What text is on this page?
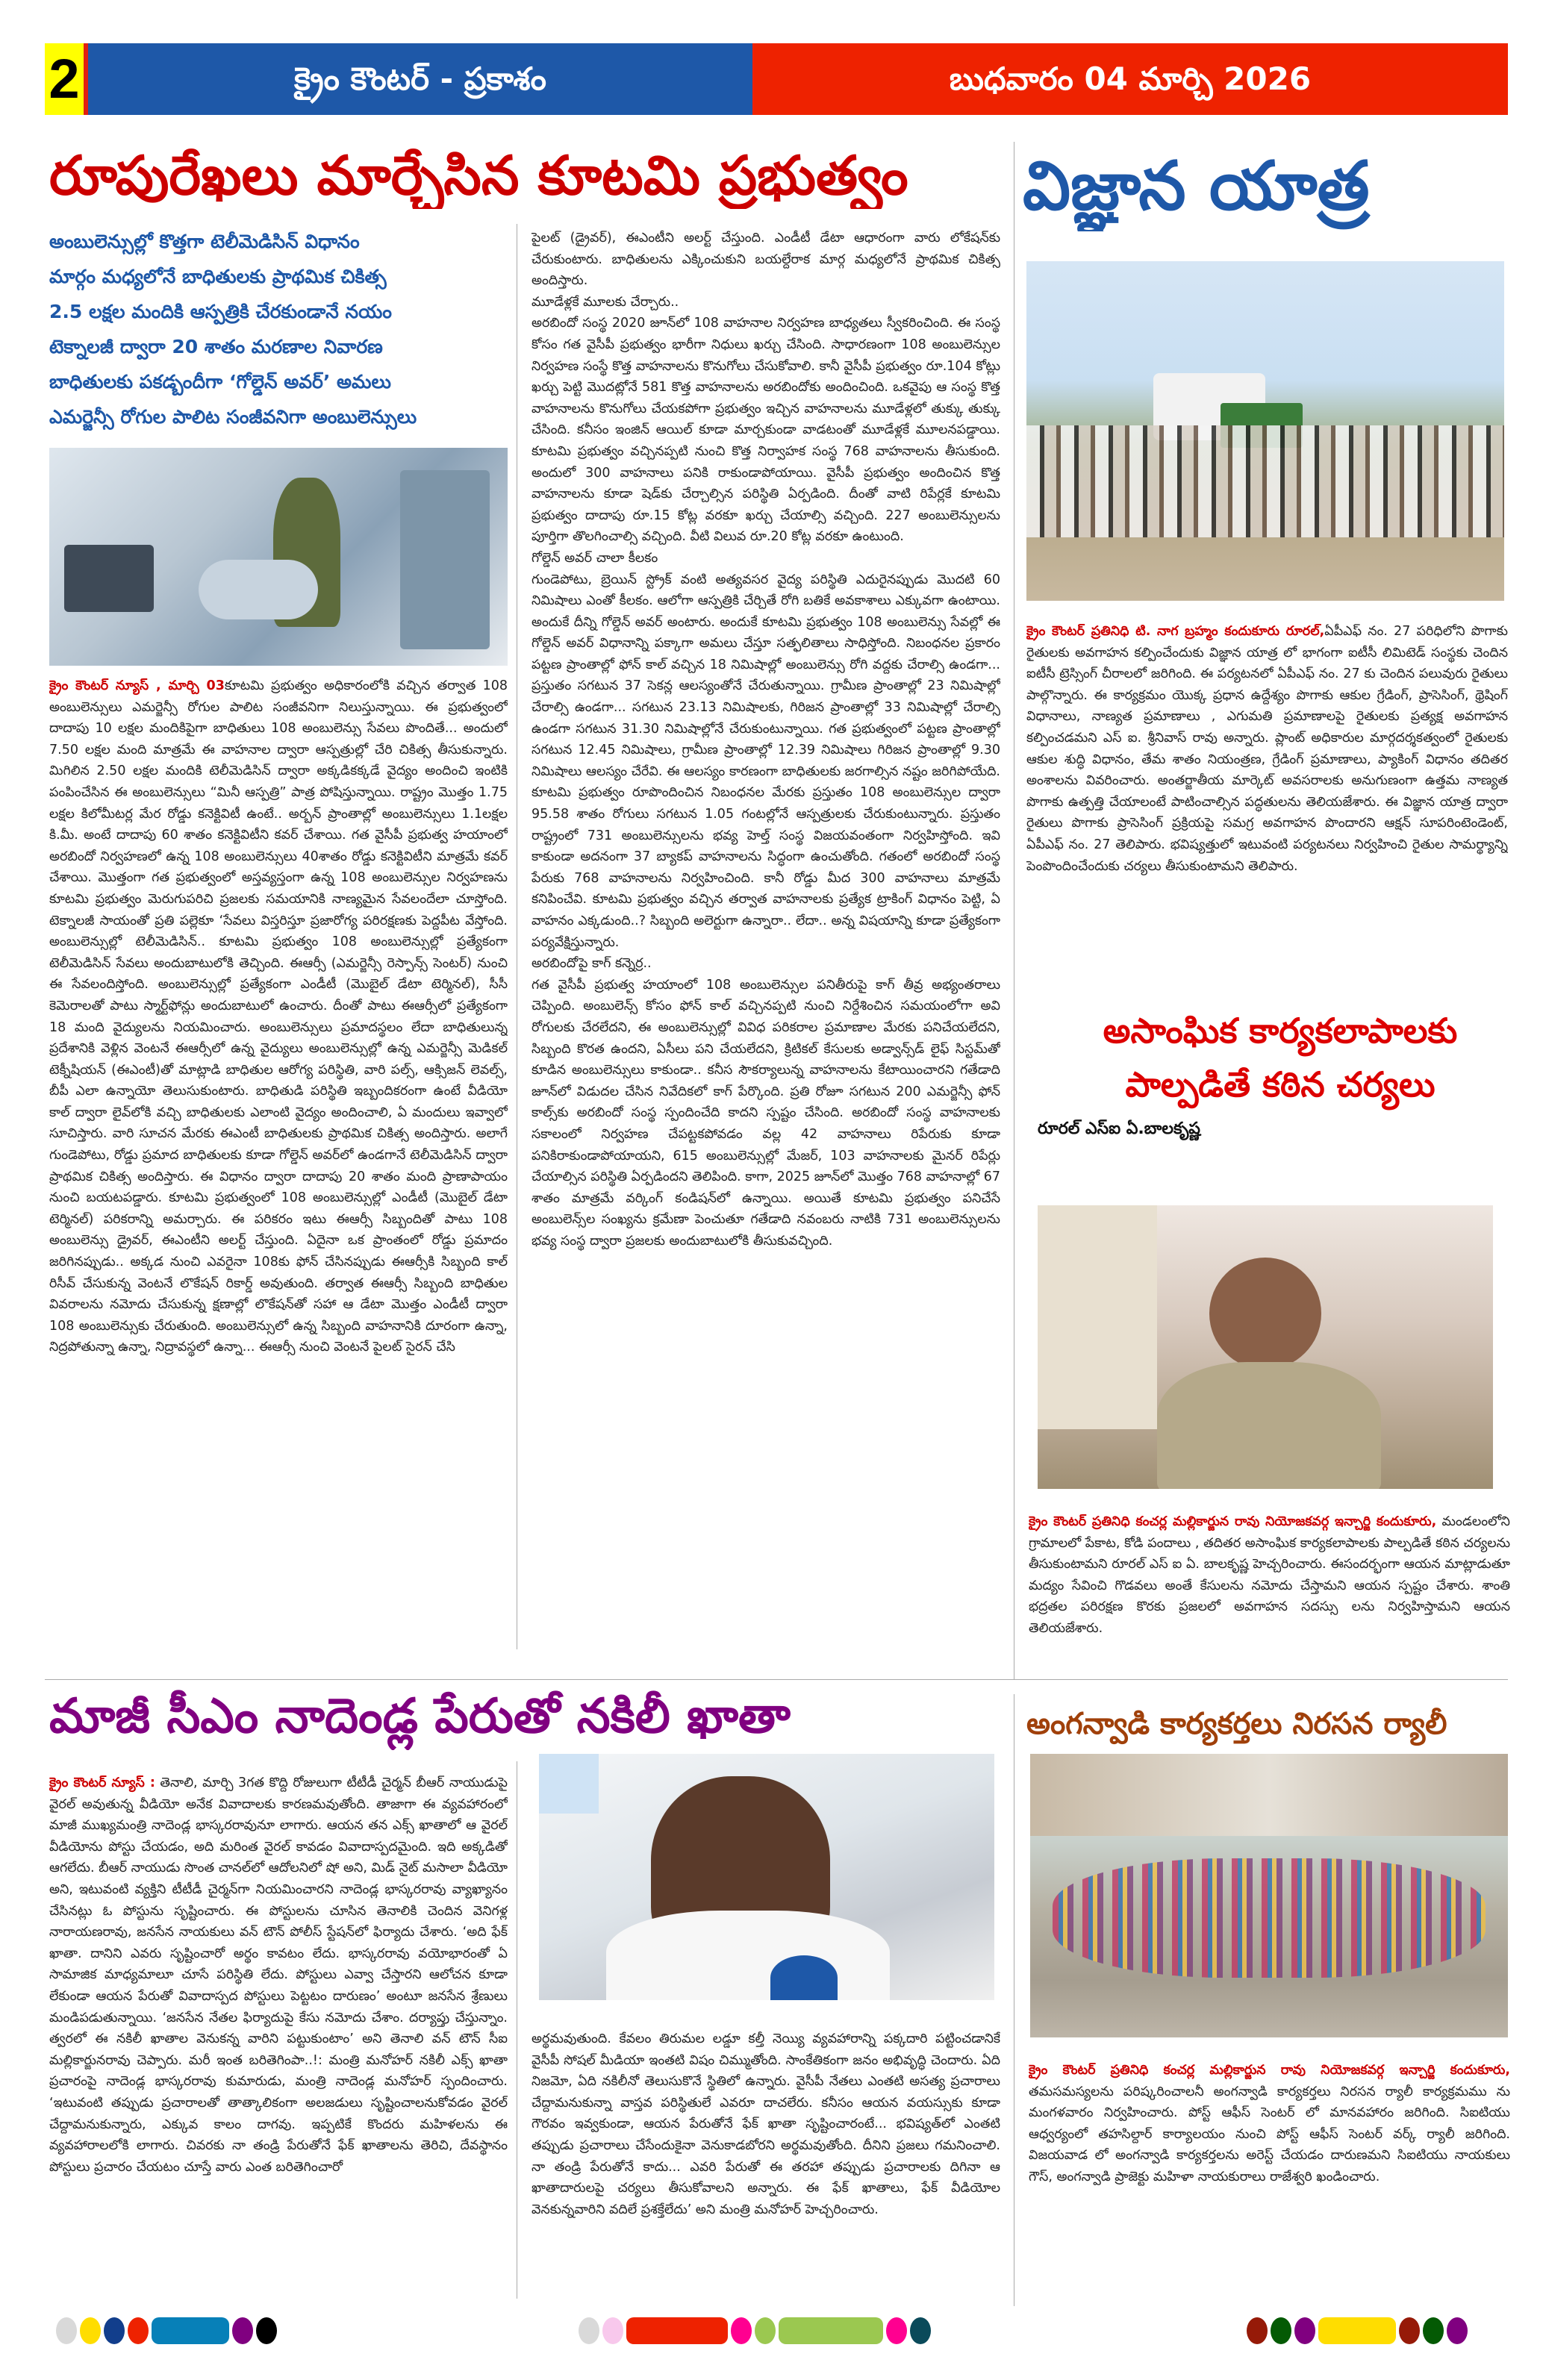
2	క్రైం కౌంటర్ - ప్రకాశం	బుధవారం 04 మార్చి 2026
రూపురేఖలు మార్చేసిన కూటమి ప్రభుత్వం	విజ్ఞాన యాత్ర
అంబులెన్సుల్లో కొత్తగా టెలీమెడిసిన్ విధానం
మార్గం మధ్యలోనే బాధితులకు ప్రాథమిక చికిత్స
2.5 లక్షల మందికి ఆస్పత్రికి చేరకుండానే నయం
టెక్నాలజీ ద్వారా 20 శాతం మరణాల నివారణ
బాధితులకు పకడ్బందీగా ‘గోల్డెన్ అవర్’ అమలు
ఎమర్జెన్సీ రోగుల పాలిట సంజీవనిగా అంబులెన్సులు

క్రైం కౌంటర్ న్యూస్ , మార్చి 03కూటమి ప్రభుత్వం అధికారంలోకి వచ్చిన తర్వాత 108 అంబులెన్సులు ఎమర్జెన్సీ రోగుల పాలిట సంజీవనిగా నిలుస్తున్నాయి. ఈ ప్రభుత్వంలో దాదాపు 10 లక్షల మందికిపైగా బాధితులు 108 అంబులెన్సు సేవలు పొందితే... అందులో 7.50 లక్షల మంది మాత్రమే ఈ వాహనాల ద్వారా ఆస్పత్రుల్లో చేరి చికిత్స తీసుకున్నారు. మిగిలిన 2.50 లక్షల మందికి టెలీమెడిసిన్ ద్వారా అక్కడికక్కడే వైద్యం అందించి ఇంటికి పంపించేసిన ఈ అంబులెన్సులు “మినీ ఆస్పత్రి” పాత్ర పోషిస్తున్నాయి. రాష్ట్రం మొత్తం 1.75 లక్షల కిలోమీటర్ల మేర రోడ్డు కనెక్టివిటీ ఉంటే.. అర్బన్ ప్రాంతాల్లో అంబులెన్సులు 1.1లక్షల కి.మీ. అంటే దాదాపు 60 శాతం కనెక్టివిటీని కవర్ చేశాయి. గత వైసీపీ ప్రభుత్వ హయాంలో అరబిందో నిర్వహణలో ఉన్న 108 అంబులెన్సులు 40శాతం రోడ్డు కనెక్టివిటీని మాత్రమే కవర్ చేశాయి. మొత్తంగా గత ప్రభుత్వంలో అస్తవ్యస్తంగా ఉన్న 108 అంబులెన్సుల నిర్వహణను కూటమి ప్రభుత్వం మెరుగుపరిచి ప్రజలకు సమయానికి నాణ్యమైన సేవలందేలా చూస్తోంది. టెక్నాలజీ సాయంతో ప్రతి పల్లెకూ ‘సేవలు విస్తరిస్తూ ప్రజారోగ్య పరిరక్షణకు పెద్దపీట వేస్తోంది. అంబులెన్సుల్లో టెలీమెడిసిన్.. కూటమి ప్రభుత్వం 108 అంబులెన్సుల్లో ప్రత్యేకంగా టెలీమెడిసిన్ సేవలు అందుబాటులోకి తెచ్చింది. ఈఆర్సీ (ఎమర్జెన్సీ రెస్పాన్స్ సెంటర్) నుంచి ఈ సేవలందిస్తోంది. అంబులెన్సుల్లో ప్రత్యేకంగా ఎండీటీ (మొబైల్ డేటా టెర్మినల్), సీసీ కెమెరాలతో పాటు స్మార్ట్‌ఫోన్లు అందుబాటులో ఉంచారు. దీంతో పాటు ఈఆర్సీలో ప్రత్యేకంగా 18 మంది వైద్యులను నియమించారు. అంబులెన్సులు ప్రమాదస్థలం లేదా బాధితులున్న ప్రదేశానికి వెళ్లిన వెంటనే ఈఆర్సీలో ఉన్న వైద్యులు అంబులెన్సుల్లో ఉన్న ఎమర్జెన్సీ మెడికల్ టెక్నీషియన్ (ఈఎంటీ)తో మాట్లాడి బాధితుల ఆరోగ్య పరిస్థితి, వారి పల్స్, ఆక్సిజన్ లెవల్స్, బీపీ ఎలా ఉన్నాయో తెలుసుకుంటారు. బాధితుడి పరిస్థితి ఇబ్బందికరంగా ఉంటే వీడియో కాల్ ద్వారా లైవ్‌లోకి వచ్చి బాధితులకు ఎలాంటి వైద్యం అందించాలి, ఏ మందులు ఇవ్వాలో సూచిస్తారు. వారి సూచన మేరకు ఈఎంటీ బాధితులకు ప్రాథమిక చికిత్స అందిస్తారు. అలాగే గుండెపోటు, రోడ్డు ప్రమాద బాధితులకు కూడా గోల్డెన్ అవర్‌లో ఉండగానే టెలీమెడిసిన్ ద్వారా ప్రాథమిక చికిత్స అందిస్తారు. ఈ విధానం ద్వారా దాదాపు 20 శాతం మంది ప్రాణాపాయం నుంచి బయటపడ్డారు. కూటమి ప్రభుత్వంలో 108 అంబులెన్సుల్లో ఎండీటీ (మొబైల్ డేటా టెర్మినల్) పరికరాన్ని అమర్చారు. ఈ పరికరం ఇటు ఈఆర్సీ సిబ్బందితో పాటు 108 అంబులెన్సు డ్రైవర్, ఈఎంటీని అలర్ట్ చేస్తుంది. ఏదైనా ఒక ప్రాంతంలో రోడ్డు ప్రమాదం జరిగినప్పుడు.. అక్కడ నుంచి ఎవరైనా 108కు ఫోన్ చేసినప్పుడు ఈఆర్సీకి సిబ్బంది కాల్ రిసీవ్ చేసుకున్న వెంటనే లొకేషన్ రికార్డ్ అవుతుంది. తర్వాత ఈఆర్సీ సిబ్బంది బాధితుల వివరాలను నమోదు చేసుకున్న క్షణాల్లో లొకేషన్‌తో సహా ఆ డేటా మొత్తం ఎండీటీ ద్వారా 108 అంబులెన్సుకు చేరుతుంది. అంబులెన్సులో ఉన్న సిబ్బంది వాహనానికి దూరంగా ఉన్నా, నిద్రపోతున్నా ఉన్నా, నిద్రావస్థలో ఉన్నా... ఈఆర్సీ నుంచి వెంటనే పైలట్ సైరన్ చేసి

పైలట్ (డ్రైవర్), ఈఎంటీని అలర్ట్ చేస్తుంది. ఎండీటీ డేటా ఆధారంగా వారు లోకేషన్‌కు చేరుకుంటారు. బాధితులను ఎక్కించుకుని బయల్దేరాక మార్గ మధ్యలోనే ప్రాథమిక చికిత్స అందిస్తారు.

మూడేళ్లకే మూలకు చేర్చారు..

అరబిందో సంస్థ 2020 జూన్‌లో 108 వాహనాల నిర్వహణ బాధ్యతలు స్వీకరించింది. ఈ సంస్థ కోసం గత వైసీపీ ప్రభుత్వం భారీగా నిధులు ఖర్చు చేసింది. సాధారణంగా 108 అంబులెన్సుల నిర్వహణ సంస్థే కొత్త వాహనాలను కొనుగోలు చేసుకోవాలి. కానీ వైసీపీ ప్రభుత్వం రూ.104 కోట్లు ఖర్చు పెట్టి మొదట్లోనే 581 కొత్త వాహనాలను అరబిందోకు అందించింది. ఒకవైపు ఆ సంస్థ కొత్త వాహనాలను కొనుగోలు చేయకపోగా ప్రభుత్వం ఇచ్చిన వాహనాలను మూడేళ్లలో తుక్కు తుక్కు చేసింది. కనీసం ఇంజిన్ ఆయిల్ కూడా మార్చకుండా వాడటంతో మూడేళ్లకే మూలనపడ్డాయి. కూటమి ప్రభుత్వం వచ్చినప్పటి నుంచి కొత్త నిర్వాహక సంస్థ 768 వాహనాలను తీసుకుంది. అందులో 300 వాహనాలు పనికి రాకుండాపోయాయి. వైసీపీ ప్రభుత్వం అందించిన కొత్త వాహనాలను కూడా షెడ్‌కు చేర్చాల్సిన పరిస్థితి ఏర్పడింది. దీంతో వాటి రిపేర్లకే కూటమి ప్రభుత్వం దాదాపు రూ.15 కోట్ల వరకూ ఖర్చు చేయాల్సి వచ్చింది. 227 అంబులెన్సులను పూర్తిగా తొలగించాల్సి వచ్చింది. వీటి విలువ రూ.20 కోట్ల వరకూ ఉంటుంది.

గోల్డెన్ అవర్ చాలా కీలకం

గుండెపోటు, బ్రెయిన్ స్ట్రోక్ వంటి అత్యవసర వైద్య పరిస్థితి ఎదురైనప్పుడు మొదటి 60 నిమిషాలు ఎంతో కీలకం. ఆలోగా ఆస్పత్రికి చేర్చితే రోగి బతికే అవకాశాలు ఎక్కువగా ఉంటాయి. అందుకే దీన్ని గోల్డెన్ అవర్ అంటారు. అందుకే కూటమి ప్రభుత్వం 108 అంబులెన్సు సేవల్లో ఈ గోల్డెన్ అవర్ విధానాన్ని పక్కాగా అమలు చేస్తూ సత్ఫలితాలు సాధిస్తోంది. నిబంధనల ప్రకారం పట్టణ ప్రాంతాల్లో ఫోన్ కాల్ వచ్చిన 18 నిమిషాల్లో అంబులెన్సు రోగి వద్దకు చేరాల్సి ఉండగా... ప్రస్తుతం సగటున 37 సెకన్ల ఆలస్యంతోనే చేరుతున్నాయి. గ్రామీణ ప్రాంతాల్లో 23 నిమిషాల్లో చేరాల్సి ఉండగా... సగటున 23.13 నిమిషాలకు, గిరిజన ప్రాంతాల్లో 33 నిమిషాల్లో చేరాల్సి ఉండగా సగటున 31.30 నిమిషాల్లోనే చేరుకుంటున్నాయి. గత ప్రభుత్వంలో పట్టణ ప్రాంతాల్లో సగటున 12.45 నిమిషాలు, గ్రామీణ ప్రాంతాల్లో 12.39 నిమిషాలు గిరిజన ప్రాంతాల్లో 9.30 నిమిషాలు ఆలస్యం చేరేవి. ఈ ఆలస్యం కారణంగా బాధితులకు జరగాల్సిన నష్టం జరిగిపోయేది. కూటమి ప్రభుత్వం రూపొందించిన నిబంధనల మేరకు ప్రస్తుతం 108 అంబులెన్సుల ద్వారా 95.58 శాతం రోగులు సగటున 1.05 గంటల్లోనే ఆస్పత్రులకు చేరుకుంటున్నారు. ప్రస్తుతం రాష్ట్రంలో 731 అంబులెన్సులను భవ్య హెల్త్ సంస్థ విజయవంతంగా నిర్వహిస్తోంది. ఇవి కాకుండా అదనంగా 37 బ్యాకప్ వాహనాలను సిద్ధంగా ఉంచుతోంది. గతంలో అరబిందో సంస్థ పేరుకు 768 వాహనాలను నిర్వహించింది. కానీ రోడ్డు మీద 300 వాహనాలు మాత్రమే కనిపించేవి. కూటమి ప్రభుత్వం వచ్చిన తర్వాత వాహనాలకు ప్రత్యేక ట్రాకింగ్ విధానం పెట్టి, ఏ వాహనం ఎక్కడుంది..? సిబ్బంది అలెర్టుగా ఉన్నారా.. లేదా.. అన్న విషయాన్ని కూడా ప్రత్యేకంగా పర్యవేక్షిస్తున్నారు.

అరబిందోపై కాగ్ కన్నెర్ర..

గత వైసీపీ ప్రభుత్వ హయాంలో 108 అంబులెన్సుల పనితీరుపై కాగ్ తీవ్ర అభ్యంతరాలు చెప్పింది. అంబులెన్స్ కోసం ఫోన్ కాల్ వచ్చినప్పటి నుంచి నిర్దేశించిన సమయంలోగా అవి రోగులకు చేరలేదని, ఈ అంబులెన్సుల్లో వివిధ పరికరాల ప్రమాణాల మేరకు పనిచేయలేదని, సిబ్బంది కొరత ఉందని, ఏసీలు పని చేయలేదని, క్రిటికల్ కేసులకు అడ్వాన్స్‌డ్ లైఫ్ సిస్టమ్‌తో కూడిన అంబులెన్సులు కాకుండా.. కనీస సౌకర్యాలున్న వాహనాలను కేటాయించారని గతేడాది జూన్‌లో విడుదల చేసిన నివేదికలో కాగ్ పేర్కొంది. ప్రతి రోజూ సగటున 200 ఎమర్జెన్సీ ఫోన్ కాల్స్‌కు అరబిందో సంస్థ స్పందించేది కాదని స్పష్టం చేసింది. అరబిందో సంస్థ వాహనాలకు సకాలంలో నిర్వహణ చేపట్టకపోవడం వల్ల 42 వాహనాలు రిపేరుకు కూడా పనికిరాకుండాపోయాయని, 615 అంబులెన్సుల్లో మేజర్, 103 వాహనాలకు మైనర్ రిపేర్లు చేయాల్సిన పరిస్థితి ఏర్పడిందని తెలిపింది. కాగా, 2025 జూన్‌లో మొత్తం 768 వాహనాల్లో 67 శాతం మాత్రమే వర్కింగ్ కండిషన్‌లో ఉన్నాయి. అయితే కూటమి ప్రభుత్వం పనిచేసే అంబులెన్స్‌ల సంఖ్యను క్రమేణా పెంచుతూ గతేడాది నవంబరు నాటికి 731 అంబులెన్సులను భవ్య సంస్థ ద్వారా ప్రజలకు అందుబాటులోకి తీసుకువచ్చింది.

క్రైం కౌంటర్ ప్రతినిధి టి. నాగ బ్రహ్మం కందుకూరు రూరల్,ఏపీఎఫ్ నం. 27 పరిధిలోని పొగాకు రైతులకు అవగాహన కల్పించేందుకు విజ్ఞాన యాత్ర లో భాగంగా ఐటీసీ లిమిటెడ్ సంస్థకు చెందిన ఐటీసీ ట్రెస్సింగ్ చీరాలలో జరిగింది. ఈ పర్యటనలో ఏపీఎఫ్ నం. 27 కు చెందిన పలువురు రైతులు పాల్గొన్నారు. ఈ కార్యక్రమం యొక్క ప్రధాన ఉద్దేశ్యం పొగాకు ఆకుల గ్రేడింగ్, ప్రాసెసింగ్, థ్రెషింగ్ విధానాలు, నాణ్యత ప్రమాణాలు , ఎగుమతి ప్రమాణాలపై రైతులకు ప్రత్యక్ష అవగాహన కల్పించడమని ఎస్ ఐ. శ్రీనివాస్ రావు అన్నారు. ప్లాంట్ అధికారుల మార్గదర్శకత్వంలో రైతులకు ఆకుల శుద్ధి విధానం, తేమ శాతం నియంత్రణ, గ్రేడింగ్ ప్రమాణాలు, ప్యాకింగ్ విధానం తదితర అంశాలను వివరించారు. అంతర్జాతీయ మార్కెట్ అవసరాలకు అనుగుణంగా ఉత్తమ నాణ్యత పొగాకు ఉత్పత్తి చేయాలంటే పాటించాల్సిన పద్ధతులను తెలియజేశారు. ఈ విజ్ఞాన యాత్ర ద్వారా రైతులు పొగాకు ప్రాసెసింగ్ ప్రక్రియపై సమగ్ర అవగాహన పొందారని ఆక్షన్ సూపరింటెండెంట్, ఏపీఎఫ్ నం. 27 తెలిపారు. భవిష్యత్తులో ఇటువంటి పర్యటనలు నిర్వహించి రైతుల సామర్థ్యాన్ని పెంపొందించేందుకు చర్యలు తీసుకుంటామని తెలిపారు.

అసాంఘిక కార్యకలాపాలకు పాల్పడితే కఠిన చర్యలు
రూరల్ ఎస్ఐ ఏ.బాలకృష్ణ

క్రైం కౌంటర్ ప్రతినిధి కంచర్ల మల్లికార్జున రావు నియోజకవర్గ ఇన్చార్జి కందుకూరు, మండలంలోని గ్రామాలలో పేకాట, కోడి పందాలు , తదితర అసాంఘిక కార్యకలాపాలకు పాల్పడితే కఠిన చర్యలను తీసుకుంటామని రూరల్ ఎస్ ఐ ఏ. బాలకృష్ణ హెచ్చరించారు. ఈసందర్భంగా ఆయన మాట్లాడుతూ మద్యం సేవించి గొడవలు అంతే కేసులను నమోదు చేస్తామని ఆయన స్పష్టం చేశారు. శాంతి భద్రతల పరిరక్షణ కొరకు ప్రజలలో అవగాహన సదస్సు లను నిర్వహిస్తామని ఆయన తెలియజేశారు.

మాజీ సీఎం నాదెండ్ల పేరుతో నకిలీ ఖాతా	అంగన్వాడి కార్యకర్తలు నిరసన ర్యాలీ

క్రైం కౌంటర్ న్యూస్ : తెనాలి, మార్చి 3గత కొద్ది రోజులుగా టీటీడీ చైర్మన్ బీఆర్ నాయుడుపై వైరల్ అవుతున్న వీడియో అనేక వివాదాలకు కారణమవుతోంది. తాజాగా ఈ వ్యవహారంలో మాజీ ముఖ్యమంత్రి నాదెండ్ల భాస్కరరావునూ లాగారు. ఆయన తన ఎక్స్ ఖాతాలో ఆ వైరల్ వీడియోను పోస్టు చేయడం, అది మరింత వైరల్ కావడం వివాదాస్పదమైంది. ఇది అక్కడితో ఆగలేదు. బీఆర్ నాయుడు సొంత చానల్‌లో ఆదోలనిలో షో అని, మిడ్ నైట్ మసాలా వీడియో అని, ఇటువంటి వ్యక్తిని టీటీడీ చైర్మన్‌గా నియమించారని నాదెండ్ల భాస్కరరావు వ్యాఖ్యానం చేసినట్లు ఓ పోస్టును సృష్టించారు. ఈ పోస్టులను చూసిన తెనాలికి చెందిన వెనిగళ్ల నారాయణరావు, జనసేన నాయకులు వన్ టౌన్ పోలీస్ స్టేషన్‌లో ఫిర్యాదు చేశారు. ‘అది ఫేక్ ఖాతా. దానిని ఎవరు సృష్టించారో అర్థం కావటం లేదు. భాస్కరరావు వయోభారంతో ఏ సామాజిక మాధ్యమాలూ చూసే పరిస్థితి లేదు. పోస్టులు ఎవ్వా చేస్తారని ఆలోచన కూడా లేకుండా ఆయన పేరుతో వివాదాస్పద పోస్టులు పెట్టటం దారుణం’ అంటూ జనసేన శ్రేణులు మండిపడుతున్నాయి. ‘జనసేన నేతల ఫిర్యాదుపై కేసు నమోదు చేశాం. దర్యాప్తు చేస్తున్నాం. త్వరలో ఈ నకిలీ ఖాతాల వెనుకన్న వారిని పట్టుకుంటాం’ అని తెనాలి వన్ టౌన్ సీఐ మల్లికార్జునరావు చెప్పారు. మరీ ఇంత బరితెగింపా..!: మంత్రి మనోహర్ నకిలీ ఎక్స్ ఖాతా ప్రచారంపై నాదెండ్ల భాస్కరరావు కుమారుడు, మంత్రి నాదెండ్ల మనోహర్ స్పందించారు. ‘ఇటువంటి తప్పుడు ప్రచారాలతో తాత్కాలికంగా అలజడులు సృష్టించాలనుకోవడం వైరల్ చేద్దామనుకున్నారు, ఎక్కువ కాలం దాగవు. ఇప్పటికే కొందరు మహిళలను ఈ వ్యవహారాలలోకి లాగారు. చివరకు నా తండ్రి పేరుతోనే ఫేక్ ఖాతాలను తెరిచి, దేవస్థానం పోస్టులు ప్రచారం చేయటం చూస్తే వారు ఎంత బరితెగించారో

అర్థమవుతుంది. కేవలం తిరుమల లడ్డూ కల్తీ నెయ్యి వ్యవహారాన్ని పక్కదారి పట్టించడానికే వైసీపీ సోషల్ మీడియా ఇంతటి విషం చిమ్ముతోంది. సాంకేతికంగా జనం అభివృద్ధి చెందారు. ఏది నిజమో, ఏది నకిలీనో తెలుసుకొనే స్థితిలో ఉన్నారు. వైసీపీ నేతలు ఎంతటి అసత్య ప్రచారాలు చేద్దామనుకున్నా వాస్తవ పరిస్థితులే ఎవరూ దాచలేరు. కనీసం ఆయన వయస్సుకు కూడా గౌరవం ఇవ్వకుండా, ఆయన పేరుతోనే ఫేక్ ఖాతా సృష్టించారంటే... భవిష్యత్‌లో ఎంతటి తప్పుడు ప్రచారాలు చేసేందుకైనా వెనుకాడబోరని అర్థమవుతోంది. దీనిని ప్రజలు గమనించాలి. నా తండ్రి పేరుతోనే కాదు... ఎవరి పేరుతో ఈ తరహా తప్పుడు ప్రచారాలకు దిగినా ఆ ఖాతాదారులపై చర్యలు తీసుకోవాలని అన్నారు. ఈ ఫేక్ ఖాతాలు, ఫేక్ వీడియోల వెనకున్నవారిని వదిలే ప్రశక్తేలేదు’ అని మంత్రి మనోహర్ హెచ్చరించారు.

క్రైం కౌంటర్ ప్రతినిధి కంచర్ల మల్లికార్జున రావు నియోజకవర్గ ఇన్చార్జి కందుకూరు, తమసమస్యలను పరిష్కరించాలనీ అంగన్వాడి కార్యకర్తలు నిరసన ర్యాలీ కార్యక్రమము ను మంగళవారం నిర్వహించారు. పోస్ట్ ఆఫీస్ సెంటర్ లో మానవహారం జరిగింది. సిఐటియు ఆధ్వర్యంలో తహసిల్దార్ కార్యాలయం నుంచి పోస్ట్ ఆఫీస్ సెంటర్ వర్క్ ర్యాలీ జరిగింది. విజయవాడ లో అంగన్వాడి కార్యకర్తలను అరెస్ట్ చేయడం దారుణమని సిఐటియు నాయకులు గౌస్, అంగన్వాడి ప్రాజెక్టు మహిళా నాయకురాలు రాజేశ్వరి ఖండించారు.
